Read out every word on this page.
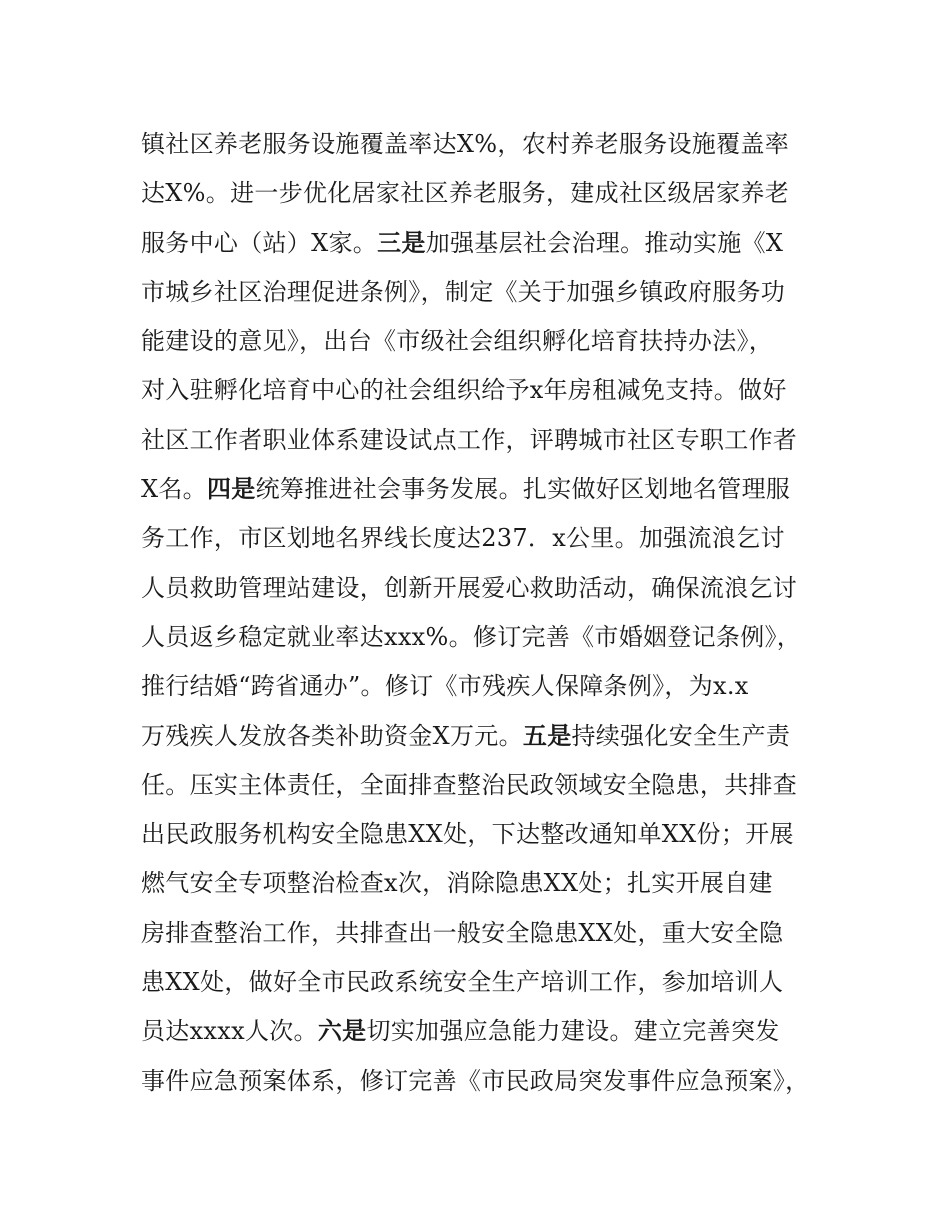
镇社区养老服务设施覆盖率达X%，农村养老服务设施覆盖率
达X%。进一步优化居家社区养老服务，建成社区级居家养老
服务中心（站）X家。三是加强基层社会治理。推动实施《X
市城乡社区治理促进条例》，制定《关于加强乡镇政府服务功
能建设的意见》，出台《市级社会组织孵化培育扶持办法》，
对入驻孵化培育中心的社会组织给予x年房租减免支持。做好
社区工作者职业体系建设试点工作，评聘城市社区专职工作者
X名。四是统筹推进社会事务发展。扎实做好区划地名管理服
务工作，市区划地名界线长度达237．x公里。加强流浪乞讨
人员救助管理站建设，创新开展爱心救助活动，确保流浪乞讨
人员返乡稳定就业率达xxx%。修订完善《市婚姻登记条例》，
推行结婚“跨省通办”。修订《市残疾人保障条例》，为x.x
万残疾人发放各类补助资金X万元。五是持续强化安全生产责
任。压实主体责任，全面排查整治民政领域安全隐患，共排查
出民政服务机构安全隐患XX处，下达整改通知单XX份；开展
燃气安全专项整治检查x次，消除隐患XX处；扎实开展自建
房排查整治工作，共排查出一般安全隐患XX处，重大安全隐
患XX处，做好全市民政系统安全生产培训工作，参加培训人
员达xxxx人次。六是切实加强应急能力建设。建立完善突发
事件应急预案体系，修订完善《市民政局突发事件应急预案》，
